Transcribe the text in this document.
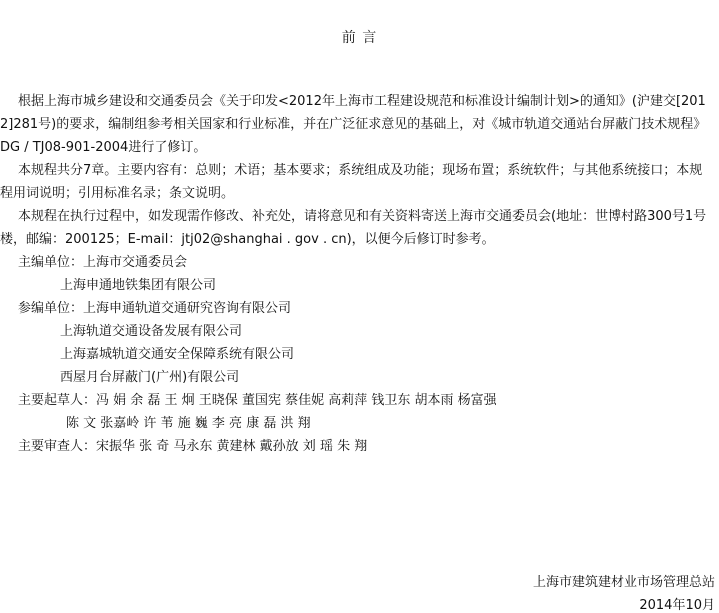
前 言

根据上海市城乡建设和交通委员会《关于印发<2012年上海市工程建设规范和标准设计编制计划>的通知》(沪建交[2012]281号)的要求，编制组参考相关国家和行业标准，并在广泛征求意见的基础上，对《城市轨道交通站台屏蔽门技术规程》DG / TJ08-901-2004进行了修订。

本规程共分7章。主要内容有：总则；术语；基本要求；系统组成及功能；现场布置；系统软件；与其他系统接口；本规程用词说明；引用标准名录；条文说明。

本规程在执行过程中，如发现需作修改、补充处，请将意见和有关资料寄送上海市交通委员会(地址：世博村路300号1号楼，邮编：200125；E-mail：jtj02@shanghai . gov . cn)，以便今后修订时参考。

主编单位：上海市交通委员会
上海申通地铁集团有限公司
参编单位：上海申通轨道交通研究咨询有限公司
上海轨道交通设备发展有限公司
上海嘉城轨道交通安全保障系统有限公司
西屋月台屏蔽门(广州)有限公司
主要起草人：冯 娟 余 磊 王 炯 王晓保 董国宪 蔡佳妮 高莉萍 钱卫东 胡本雨 杨富强
陈 文 张嘉岭 许 苇 施 巍 李 亮 康 磊 洪 翔
主要审查人：宋振华 张 奇 马永东 黄建林 戴孙放 刘 瑶 朱 翔
上海市建筑建材业市场管理总站
2014年10月
